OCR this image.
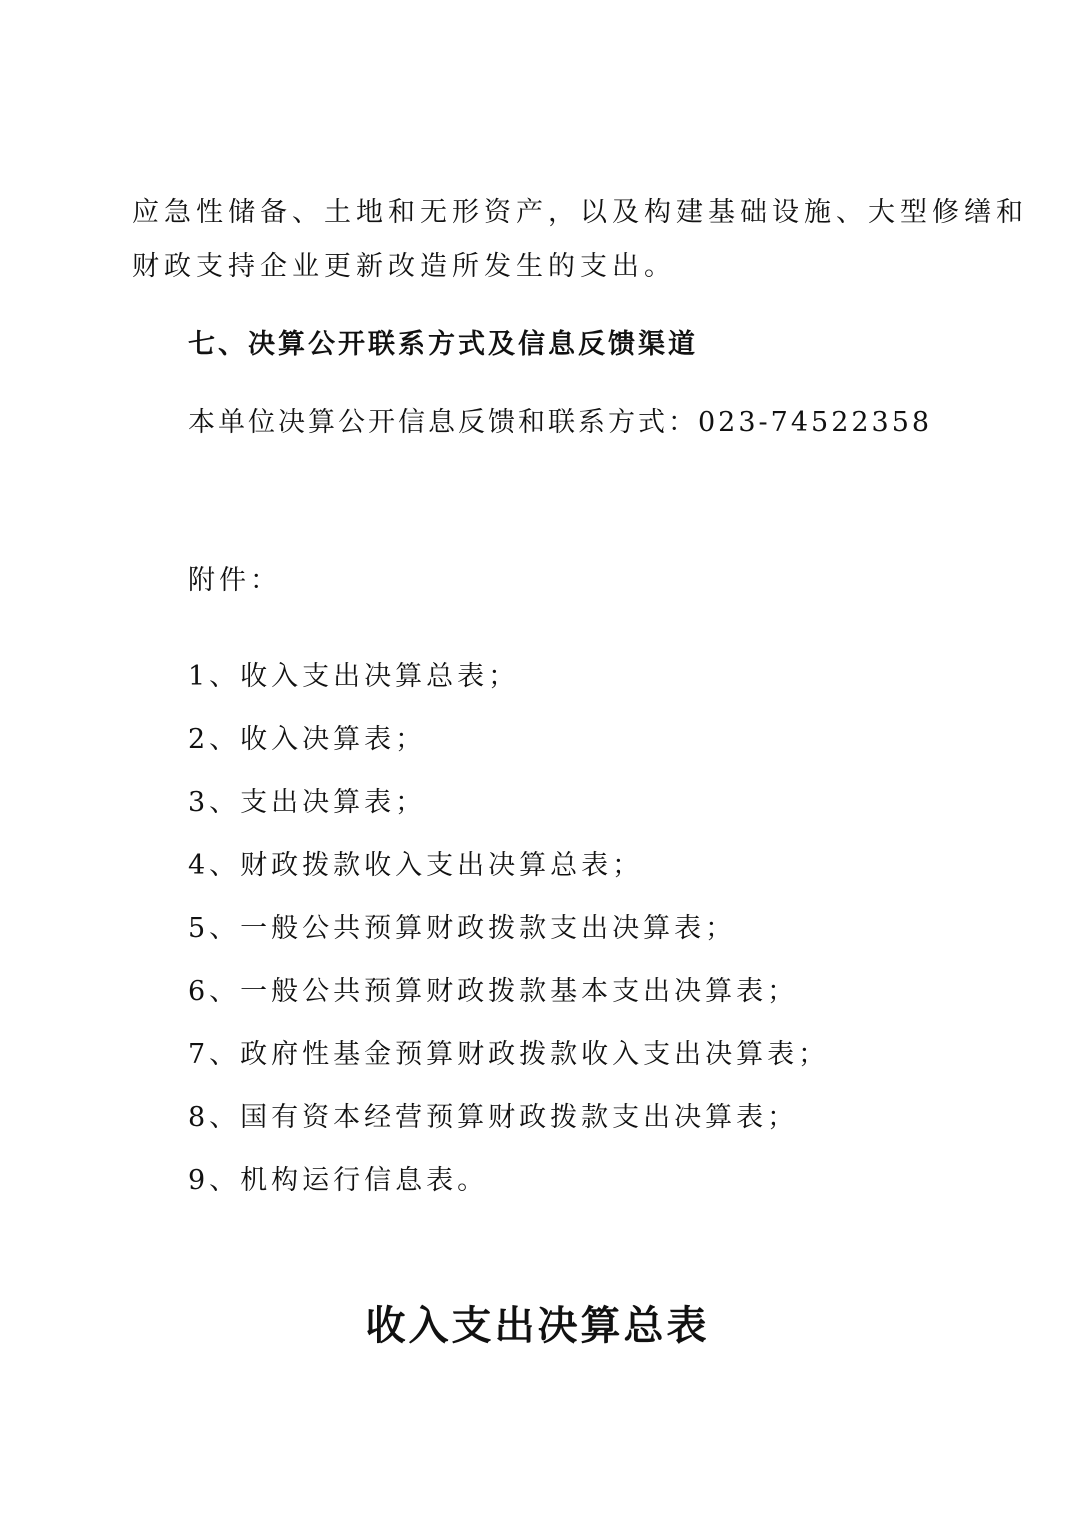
应急性储备、土地和无形资产，以及构建基础设施、大型修缮和
财政支持企业更新改造所发生的支出。
七、决算公开联系方式及信息反馈渠道
本单位决算公开信息反馈和联系方式：023-74522358
附件：
1、收入支出决算总表；
2、收入决算表；
3、支出决算表；
4、财政拨款收入支出决算总表；
5、一般公共预算财政拨款支出决算表；
6、一般公共预算财政拨款基本支出决算表；
7、政府性基金预算财政拨款收入支出决算表；
8、国有资本经营预算财政拨款支出决算表；
9、机构运行信息表。
收入支出决算总表
